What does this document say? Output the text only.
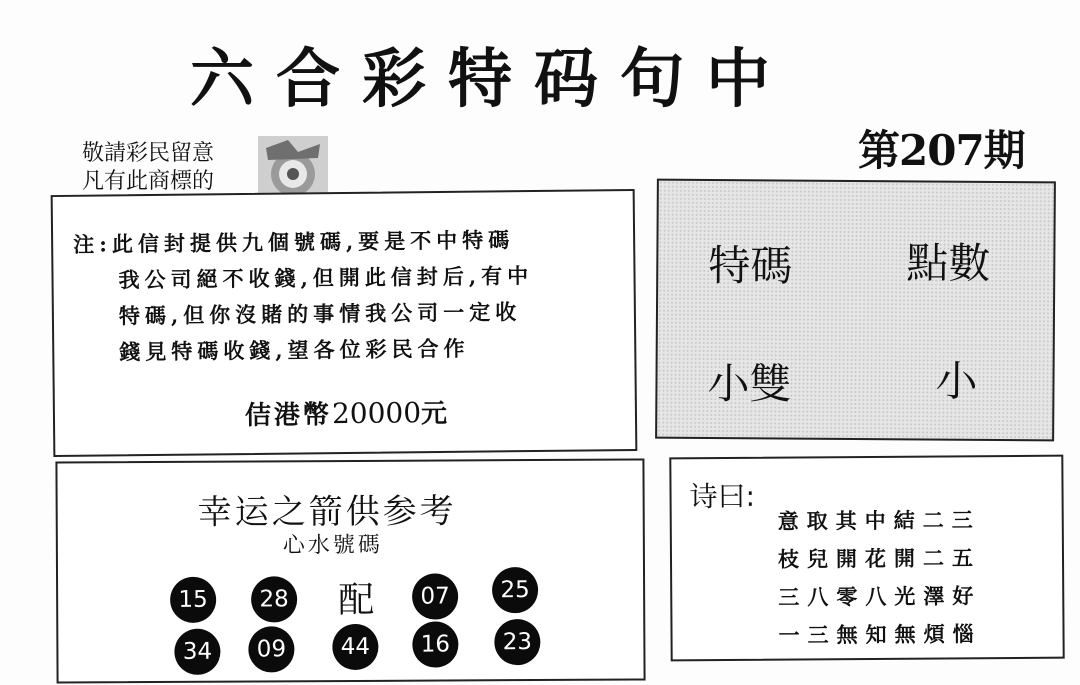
六合彩特码句中
第207期
敬請彩民留意
凡有此商標的
注:此信封提供九個號碼,要是不中特碼
我公司絕不收錢,但開此信封后,有中
特碼,但你沒賭的事情我公司一定收
錢見特碼收錢,望各位彩民合作
佶港幣20000元
特碼	點數
小雙	小
幸运之箭供参考
心水號碼
15	28 配	07	25
34	09	44	16	23
诗曰:
意取其中結二三
枝兒開花開二五
三八零八光澤好
一三無知無煩惱
